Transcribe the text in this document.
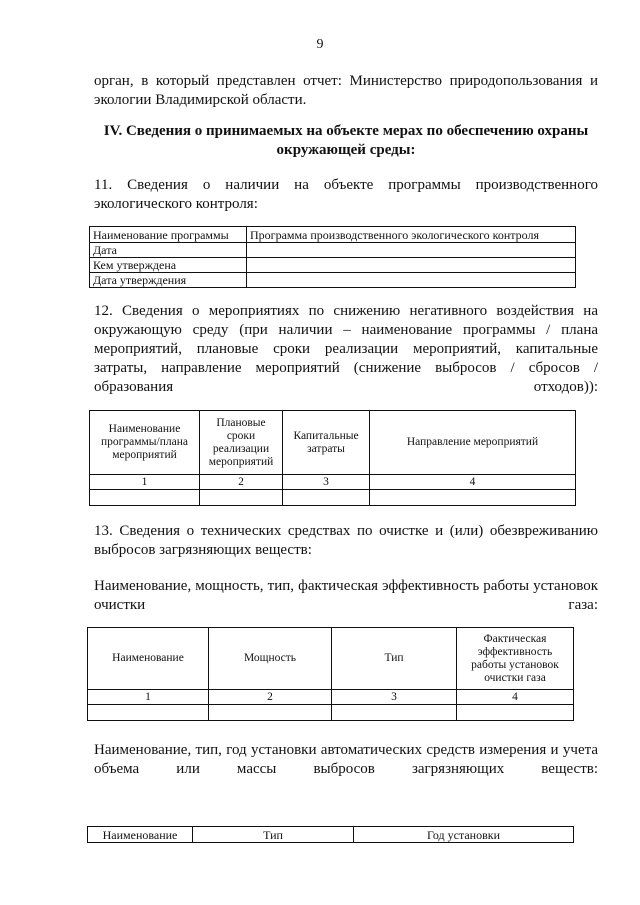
9
орган, в который представлен отчет: Министерство природопользования и экологии Владимирской области.
IV. Сведения о принимаемых на объекте мерах по обеспечению охраны окружающей среды:
11. Сведения о наличии на объекте программы производственного экологического контроля:
Наименование программы	Программа производственного экологического контроля
Дата	
Кем утверждена	
Дата утверждения	
12. Сведения о мероприятиях по снижению негативного воздействия на окружающую среду (при наличии – наименование программы / плана мероприятий, плановые сроки реализации мероприятий, капитальные затраты, направление мероприятий (снижение выбросов / сбросов / образования отходов)):
Наименование программы/плана мероприятий	Плановые сроки реализации мероприятий	Капитальные затраты	Направление мероприятий
1	2	3	4

13. Сведения о технических средствах по очистке и (или) обезвреживанию выбросов загрязняющих веществ:
Наименование, мощность, тип, фактическая эффективность работы установок очистки газа:
Наименование	Мощность	Тип	Фактическая эффективность работы установок очистки газа
1	2	3	4

Наименование, тип, год установки автоматических средств измерения и учета объема или массы выбросов загрязняющих веществ:
Наименование	Тип	Год установки
